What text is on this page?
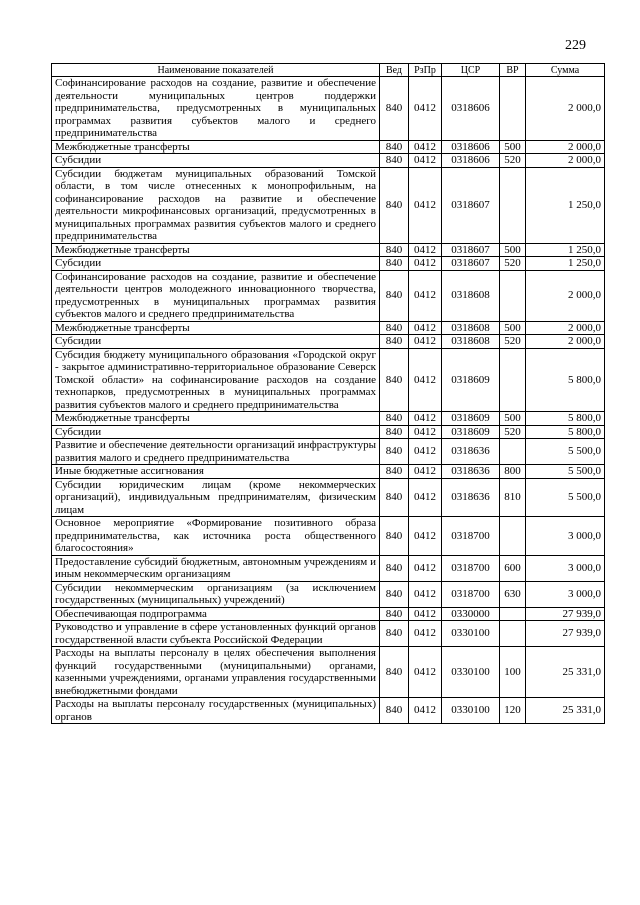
229
Наименование показателей	Вед	РзПр	ЦСР	ВР	Сумма
Софинансирование расходов на создание, развитие и обеспечение деятельности муниципальных центров поддержки предпринимательства, предусмотренных в муниципальных программах развития субъектов малого и среднего предпринимательства	840	0412	0318606		2 000,0
Межбюджетные трансферты	840	0412	0318606	500	2 000,0
Субсидии	840	0412	0318606	520	2 000,0
Субсидии бюджетам муниципальных образований Томской области, в том числе отнесенных к монопрофильным, на софинансирование расходов на развитие и обеспечение деятельности микрофинансовых организаций, предусмотренных в муниципальных программах развития субъектов малого и среднего предпринимательства	840	0412	0318607		1 250,0
Межбюджетные трансферты	840	0412	0318607	500	1 250,0
Субсидии	840	0412	0318607	520	1 250,0
Софинансирование расходов на создание, развитие и обеспечение деятельности центров молодежного инновационного творчества, предусмотренных в муниципальных программах развития субъектов малого и среднего предпринимательства	840	0412	0318608		2 000,0
Межбюджетные трансферты	840	0412	0318608	500	2 000,0
Субсидии	840	0412	0318608	520	2 000,0
Субсидия бюджету муниципального образования «Городской округ - закрытое административно-территориальное образование Северск Томской области» на софинансирование расходов на создание технопарков, предусмотренных в муниципальных программах развития субъектов малого и среднего предпринимательства	840	0412	0318609		5 800,0
Межбюджетные трансферты	840	0412	0318609	500	5 800,0
Субсидии	840	0412	0318609	520	5 800,0
Развитие и обеспечение деятельности организаций инфраструктуры развития малого и среднего предпринимательства	840	0412	0318636		5 500,0
Иные бюджетные ассигнования	840	0412	0318636	800	5 500,0
Субсидии юридическим лицам (кроме некоммерческих организаций), индивидуальным предпринимателям, физическим лицам	840	0412	0318636	810	5 500,0
Основное мероприятие «Формирование позитивного образа предпринимательства, как источника роста общественного благосостояния»	840	0412	0318700		3 000,0
Предоставление субсидий бюджетным, автономным учреждениям и иным некоммерческим организациям	840	0412	0318700	600	3 000,0
Субсидии некоммерческим организациям (за исключением государственных (муниципальных) учреждений)	840	0412	0318700	630	3 000,0
Обеспечивающая подпрограмма	840	0412	0330000		27 939,0
Руководство и управление в сфере установленных функций органов государственной власти субъекта Российской Федерации	840	0412	0330100		27 939,0
Расходы на выплаты персоналу в целях обеспечения выполнения функций государственными (муниципальными) органами, казенными учреждениями, органами управления государственными внебюджетными фондами	840	0412	0330100	100	25 331,0
Расходы на выплаты персоналу государственных (муниципальных) органов	840	0412	0330100	120	25 331,0
